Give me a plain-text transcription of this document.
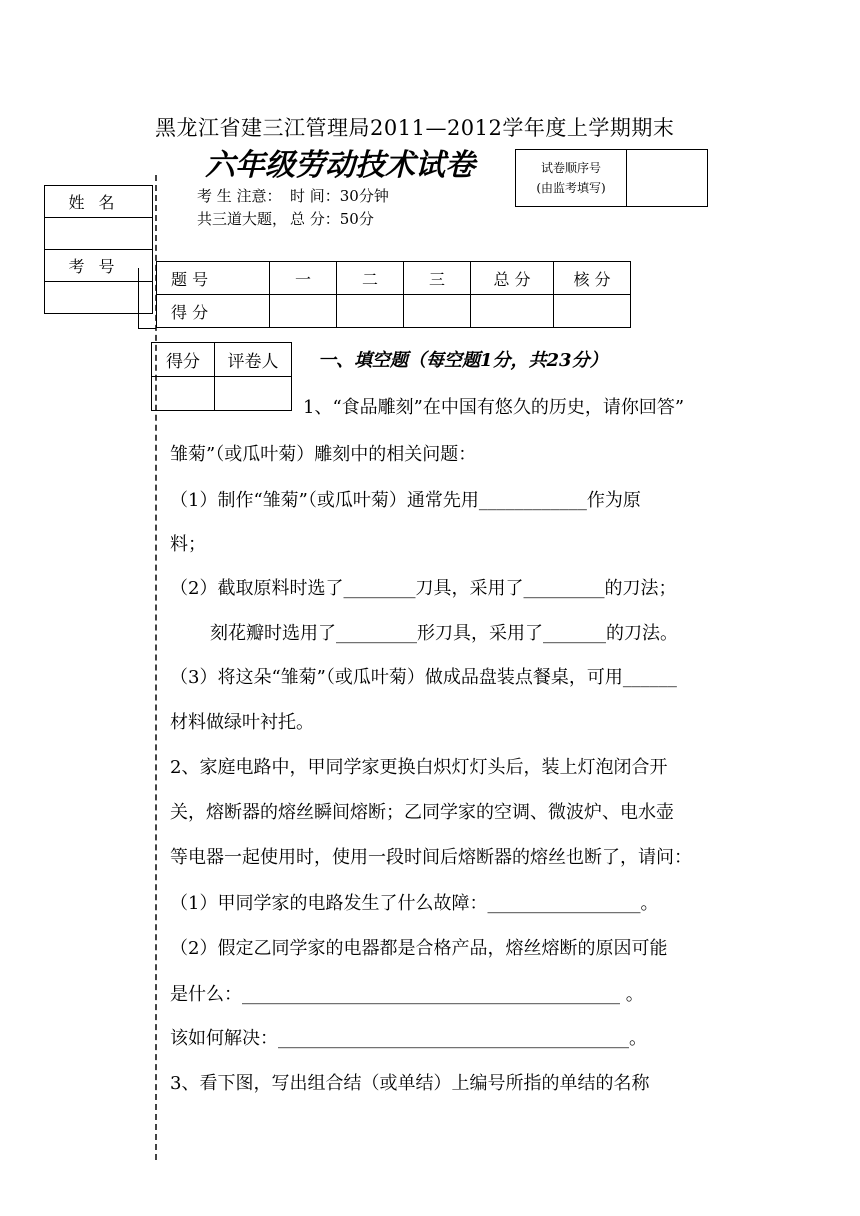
黑龙江省建三江管理局2011—2012学年度上学期期末
六年级劳动技术试卷	试卷顺序号
(由监考填写)

考 生 注意： 时 间：30分钟
共三道大题， 总 分：50分
姓名

考号

题 号	一	二	三	总 分	核 分
得 分					
得分	评卷人
	一、填空题（每空题1分，共23分）
1、“食品雕刻”在中国有悠久的历史，请你回答”
雏菊”（或瓜叶菊）雕刻中的相关问题：
（1）制作“雏菊”（或瓜叶菊）通常先用____________作为原
料；
（2）截取原料时选了________刀具，采用了_________的刀法；
刻花瓣时选用了_________形刀具，采用了_______的刀法。
（3）将这朵“雏菊”（或瓜叶菊）做成品盘装点餐桌，可用______
材料做绿叶衬托。
2、家庭电路中，甲同学家更换白炽灯灯头后，装上灯泡闭合开
关，熔断器的熔丝瞬间熔断；乙同学家的空调、微波炉、电水壶
等电器一起使用时，使用一段时间后熔断器的熔丝也断了，请问：
（1）甲同学家的电路发生了什么故障：_________________。
（2）假定乙同学家的电器都是合格产品，熔丝熔断的原因可能
是什么：__________________________________________ 。
该如何解决：_______________________________________。
3、看下图，写出组合结（或单结）上编号所指的单结的名称
